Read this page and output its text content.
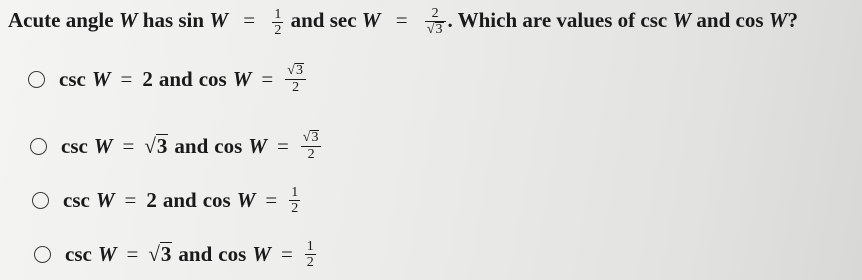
Acute angle W has $\sin W = \frac{1}{2}$ and $\sec W = \frac{2}{√3}$ . Which are values of csc W and cos W?
csc W = 2 and $\cos W = \frac{√3}{2}$
csc W = √3 and $\cos W = \frac{√3}{2}$
csc W = 2 and $\cos W = \frac{1}{2}$
csc W = √3 and $\cos W = \frac{1}{2}$
